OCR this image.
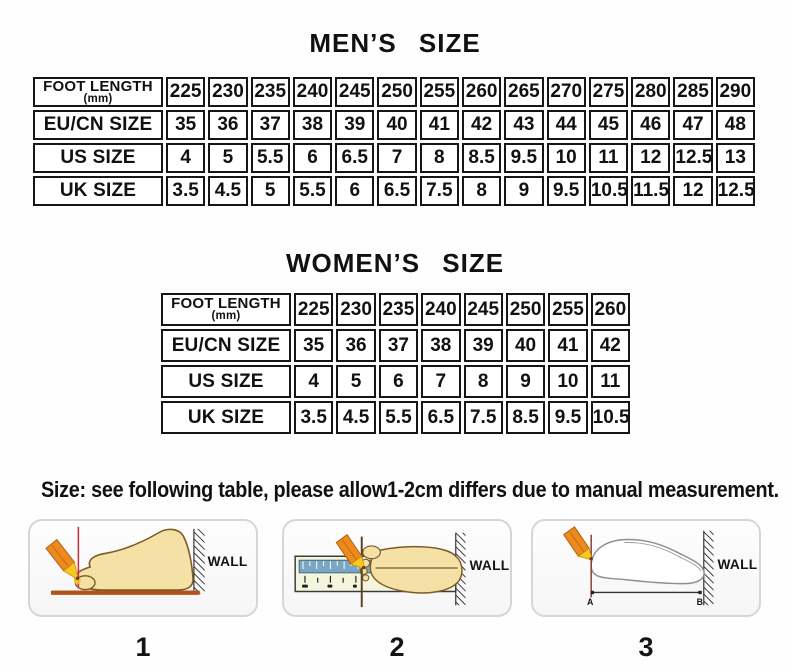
MEN’S SIZE
FOOT LENGTH
(mm)	225	230	235	240	245	250	255	260	265	270	275	280	285	290
EU/CN SIZE	35	36	37	38	39	40	41	42	43	44	45	46	47	48
US SIZE	4	5	5.5	6	6.5	7	8	8.5	9.5	10	11	12	12.5	13
UK SIZE	3.5	4.5	5	5.5	6	6.5	7.5	8	9	9.5	10.5	11.5	12	12.5
WOMEN’S SIZE
FOOT LENGTH
(mm)	225	230	235	240	245	250	255	260
EU/CN SIZE	35	36	37	38	39	40	41	42
US SIZE	4	5	6	7	8	9	10	11
UK SIZE	3.5	4.5	5.5	6.5	7.5	8.5	9.5	10.5
Size: see following table, please allow1-2cm differs due to manual measurement.
WALL	WALL
A	B
WALL
1	2	3
